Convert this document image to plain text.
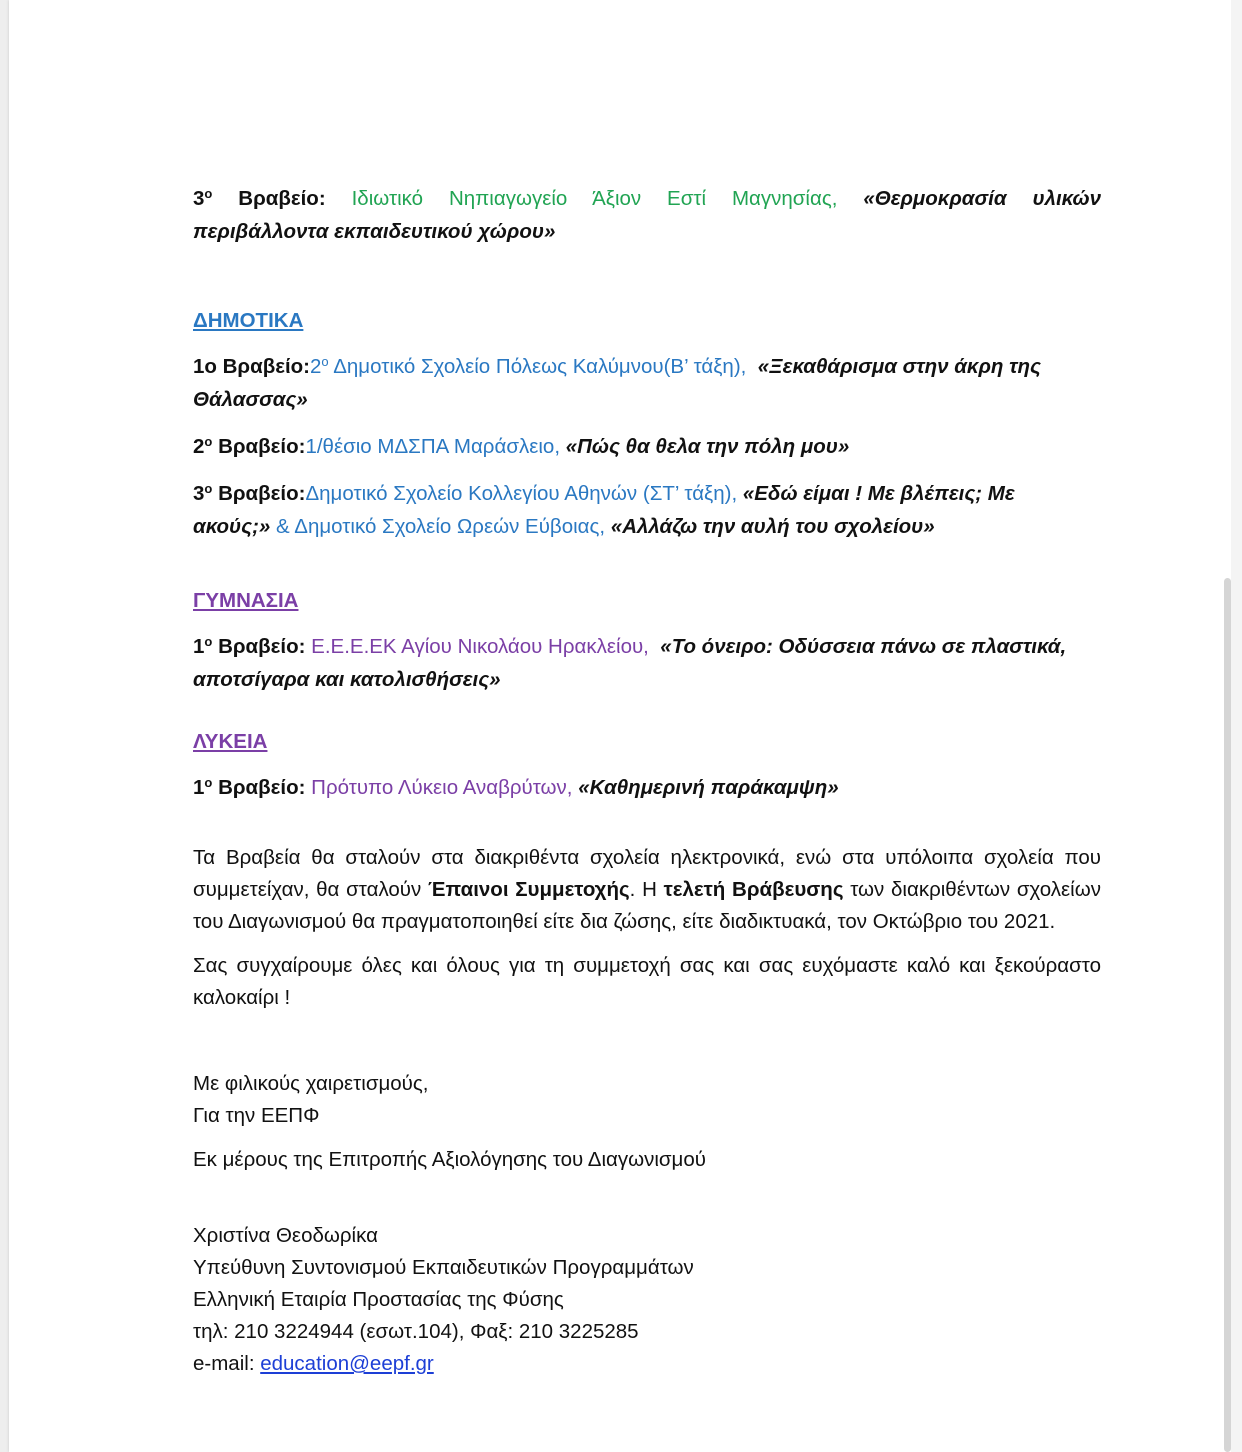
$3^o$ Βραβείο: Ιδιωτικό Νηπιαγωγείο Άξιον Εστί Μαγνησίας, «Θερμοκρασία υλικών
περιβάλλοντα εκπαιδευτικού χώρου»

ΔΗΜΟΤΙΚΑ

1ο $B\rho\alpha\beta\varepsilon ίo:2^o$ Δημοτικό Σχολείο Πόλεως Καλύμνου(Β’ τάξη), «Ξεκαθάρισμα στην άκρη της
Θάλασσας»

$2^o$ Βραβείο:1/θέσιο ΜΔΣΠΑ Μαράσλειο, «Πώς θα θελα την πόλη μου»

$3^o$ Βραβείο:Δημοτικό Σχολείο Κολλεγίου Αθηνών (ΣΤ’ τάξη), «Εδώ είμαι ! Με βλέπεις; Με
ακούς;» & Δημοτικό Σχολείο Ωρεών Εύβοιας, «Αλλάζω την αυλή του σχολείου»

ΓΥΜΝΑΣΙΑ

$1^o$ Βραβείο: Ε.Ε.Ε.ΕΚ Αγίου Νικολάου Ηρακλείου, «Το όνειρο: Οδύσσεια πάνω σε πλαστικά,
αποτσίγαρα και κατολισθήσεις»

ΛΥΚΕΙΑ

$1^o$ Βραβείο: Πρότυπο Λύκειο Αναβρύτων, «Καθημερινή παράκαμψη»

Τα Βραβεία θα σταλούν στα διακριθέντα σχολεία ηλεκτρονικά, ενώ στα υπόλοιπα σχολεία που συμμετείχαν, θα σταλούν Έπαινοι Συμμετοχής. Η τελετή Βράβευσης των διακριθέντων σχολείων του Διαγωνισμού θα πραγματοποιηθεί είτε δια ζώσης, είτε διαδικτυακά, τον Οκτώβριο του 2021.

Σας συγχαίρουμε όλες και όλους για τη συμμετοχή σας και σας ευχόμαστε καλό και ξεκούραστο καλοκαίρι !

Με φιλικούς χαιρετισμούς,

Για την ΕΕΠΦ

Εκ μέρους της Επιτροπής Αξιολόγησης του Διαγωνισμού

Χριστίνα Θεοδωρίκα

Υπεύθυνη Συντονισμού Εκπαιδευτικών Προγραμμάτων

Ελληνική Εταιρία Προστασίας της Φύσης

τηλ: 210 3224944 (εσωτ.104), Φαξ: 210 3225285

e-mail: education@eepf.gr
